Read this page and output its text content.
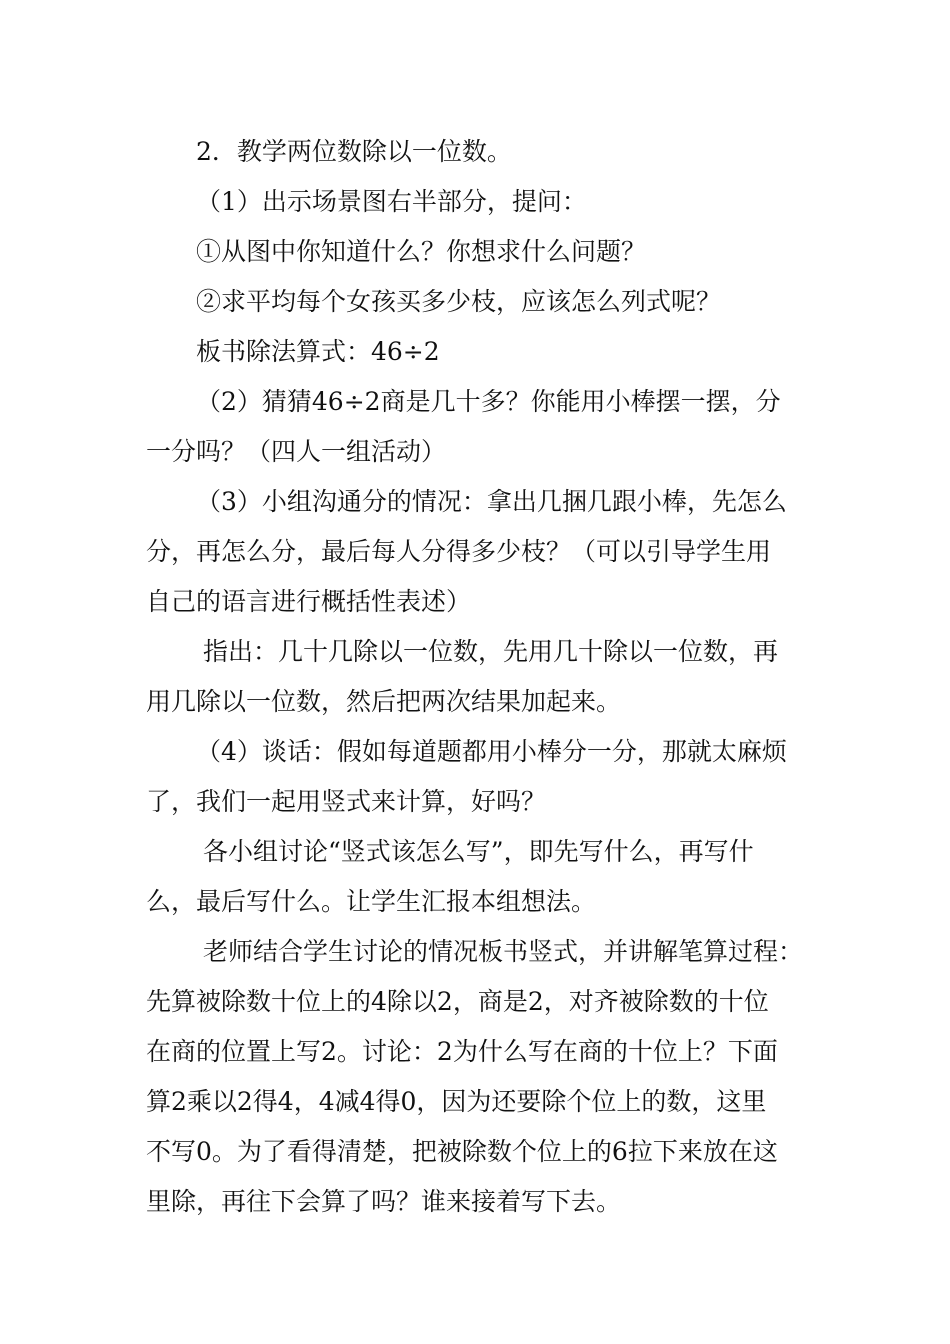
2．教学两位数除以一位数。
（1）出示场景图右半部分，提问：
①从图中你知道什么？你想求什么问题？
②求平均每个女孩买多少枝，应该怎么列式呢？
板书除法算式：46÷2
（2）猜猜46÷2商是几十多？你能用小棒摆一摆，分
一分吗？（四人一组活动）
（3）小组沟通分的情况：拿出几捆几跟小棒，先怎么
分，再怎么分，最后每人分得多少枝？（可以引导学生用
自己的语言进行概括性表述）
指出：几十几除以一位数，先用几十除以一位数，再
用几除以一位数，然后把两次结果加起来。
（4）谈话：假如每道题都用小棒分一分，那就太麻烦
了，我们一起用竖式来计算，好吗？
各小组讨论“竖式该怎么写”，即先写什么，再写什
么，最后写什么。让学生汇报本组想法。
老师结合学生讨论的情况板书竖式，并讲解笔算过程：
先算被除数十位上的4除以2，商是2，对齐被除数的十位
在商的位置上写2。讨论：2为什么写在商的十位上？下面
算2乘以2得4，4减4得0，因为还要除个位上的数，这里
不写0。为了看得清楚，把被除数个位上的6拉下来放在这
里除，再往下会算了吗？谁来接着写下去。
